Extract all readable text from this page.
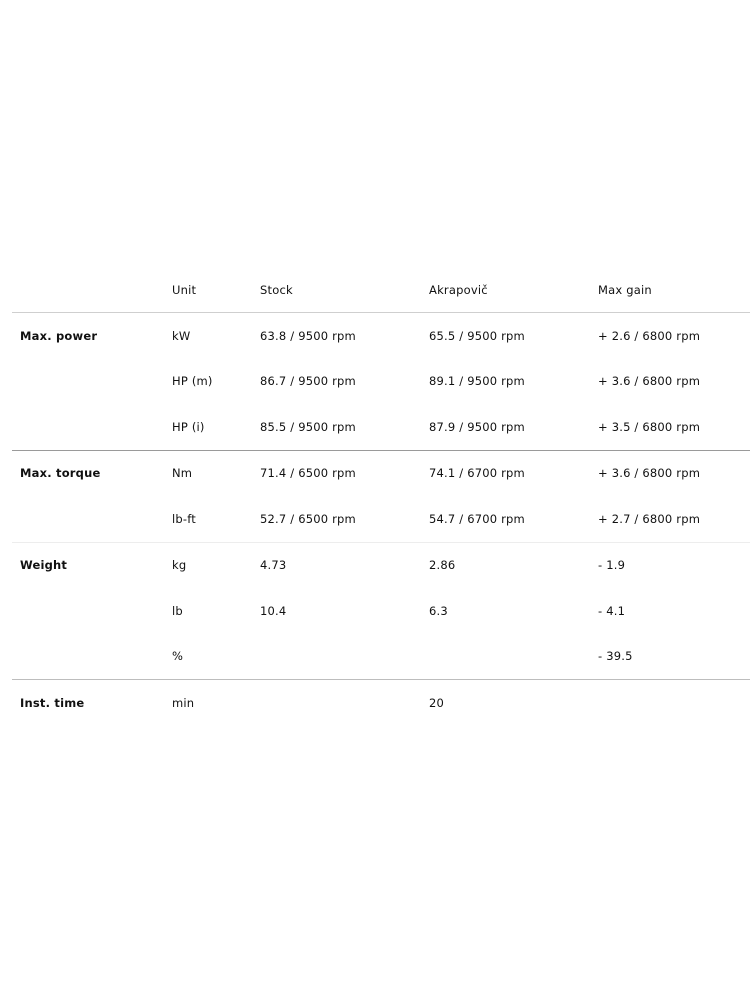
	Unit	Stock	Akrapovič	Max gain
Max. power	kW	63.8 / 9500 rpm	65.5 / 9500 rpm	+ 2.6 / 6800 rpm
	HP (m)	86.7 / 9500 rpm	89.1 / 9500 rpm	+ 3.6 / 6800 rpm
	HP (i)	85.5 / 9500 rpm	87.9 / 9500 rpm	+ 3.5 / 6800 rpm
Max. torque	Nm	71.4 / 6500 rpm	74.1 / 6700 rpm	+ 3.6 / 6800 rpm
	lb-ft	52.7 / 6500 rpm	54.7 / 6700 rpm	+ 2.7 / 6800 rpm
Weight	kg	4.73	2.86	- 1.9
	lb	10.4	6.3	- 4.1
	%			- 39.5
Inst. time	min		20	
